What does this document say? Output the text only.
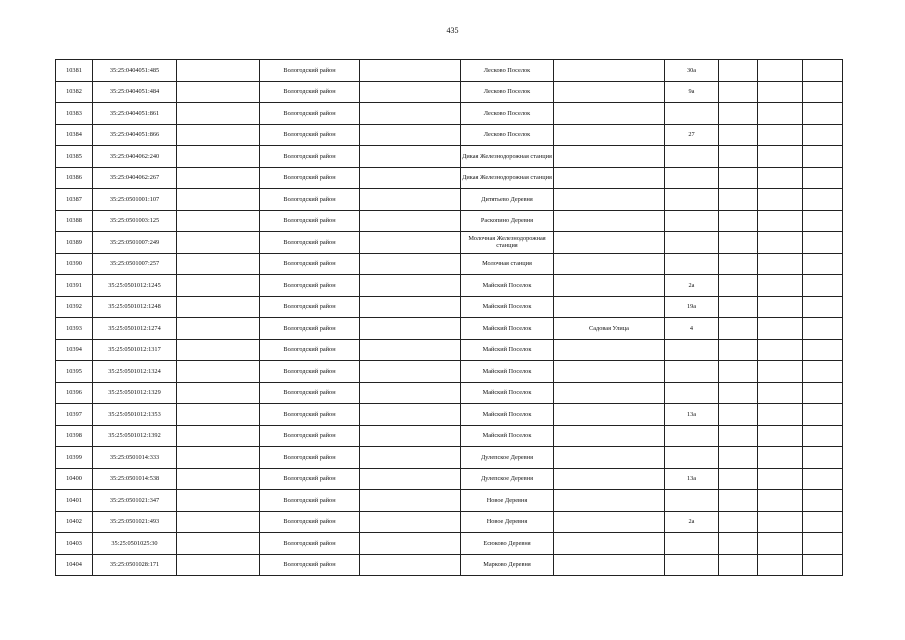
435
10381	35:25:0404051:485		Вологодский район		Лесково Поселок		30а			
10382	35:25:0404051:484		Вологодский район		Лесково Поселок		9а			
10383	35:25:0404051:861		Вологодский район		Лесково Поселок					
10384	35:25:0404051:866		Вологодский район		Лесково Поселок		27			
10385	35:25:0404062:240		Вологодский район		Дикая Железнодорожная станция					
10386	35:25:0404062:267		Вологодский район		Дикая Железнодорожная станция					
10387	35:25:0501001:107		Вологодский район		Дитятьево Деревня					
10388	35:25:0501003:125		Вологодский район		Раскопино Деревня					
10389	35:25:0501007:249		Вологодский район		Молочная Железнодорожная станция					
10390	35:25:0501007:257		Вологодский район		Молочная станция					
10391	35:25:0501012:1245		Вологодский район		Майский Поселок		2а			
10392	35:25:0501012:1248		Вологодский район		Майский Поселок		19а			
10393	35:25:0501012:1274		Вологодский район		Майский Поселок	Садовая Улица	4			
10394	35:25:0501012:1317		Вологодский район		Майский Поселок					
10395	35:25:0501012:1324		Вологодский район		Майский Поселок					
10396	35:25:0501012:1329		Вологодский район		Майский Поселок					
10397	35:25:0501012:1353		Вологодский район		Майский Поселок		13а			
10398	35:25:0501012:1392		Вологодский район		Майский Поселок					
10399	35:25:0501014:333		Вологодский район		Дулепское Деревня					
10400	35:25:0501014:538		Вологодский район		Дулепское Деревня		13а			
10401	35:25:0501021:347		Вологодский район		Новое Деревня					
10402	35:25:0501021:493		Вологодский район		Новое Деревня		2а			
10403	35:25:0501025:30		Вологодский район		Есюково Деревня					
10404	35:25:0501028:171		Вологодский район		Марково Деревня					
